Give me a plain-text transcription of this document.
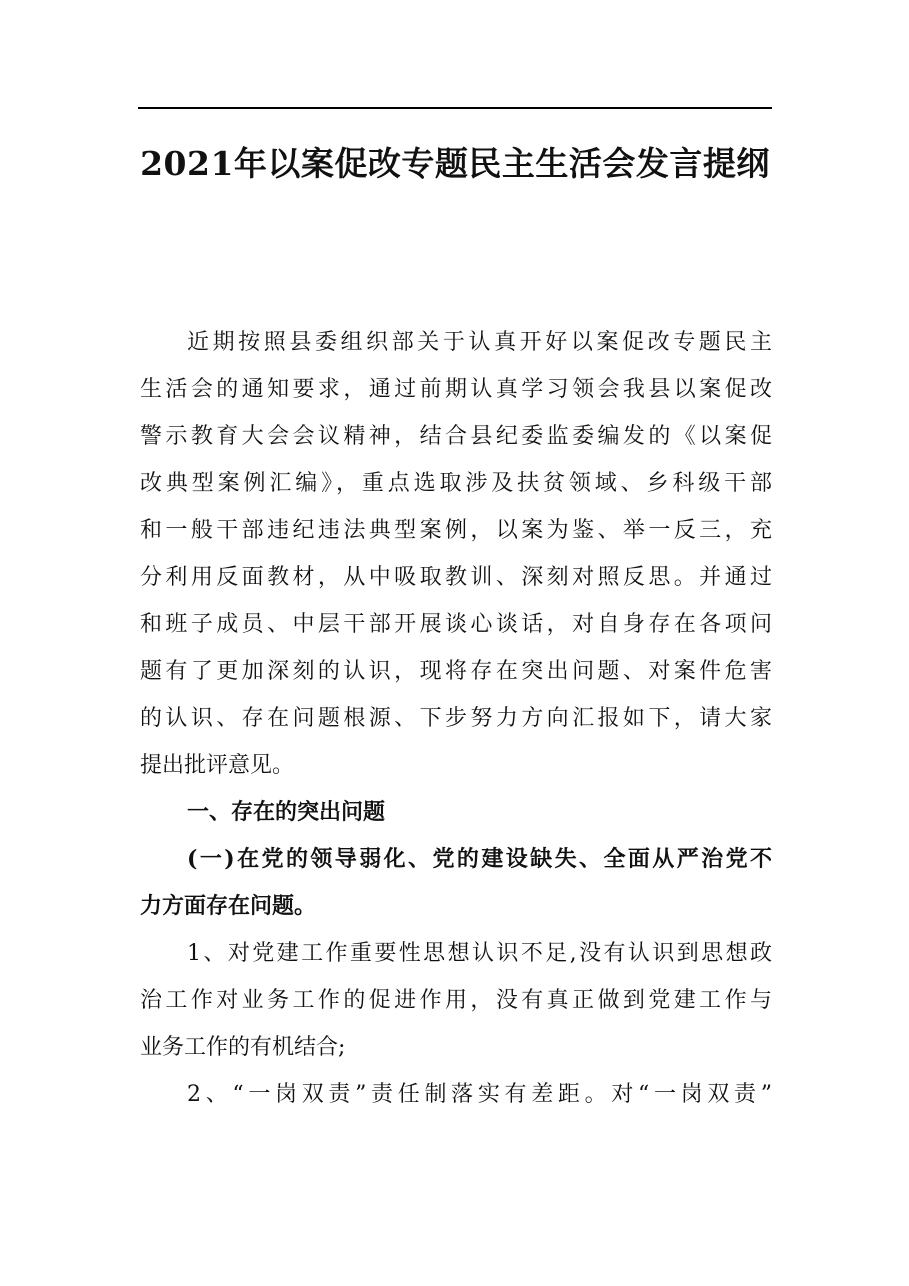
2021年以案促改专题民主生活会发言提纲
近期按照县委组织部关于认真开好以案促改专题民主
生活会的通知要求，通过前期认真学习领会我县以案促改
警示教育大会会议精神，结合县纪委监委编发的《以案促
改典型案例汇编》，重点选取涉及扶贫领域、乡科级干部
和一般干部违纪违法典型案例，以案为鉴、举一反三，充
分利用反面教材，从中吸取教训、深刻对照反思。并通过
和班子成员、中层干部开展谈心谈话，对自身存在各项问
题有了更加深刻的认识，现将存在突出问题、对案件危害
的认识、存在问题根源、下步努力方向汇报如下，请大家
提出批评意见。
一、存在的突出问题
(一)在党的领导弱化、党的建设缺失、全面从严治党不
力方面存在问题。
1、对党建工作重要性思想认识不足,没有认识到思想政
治工作对业务工作的促进作用，没有真正做到党建工作与
业务工作的有机结合;
2、“一岗双责”责任制落实有差距。对“一岗双责”
